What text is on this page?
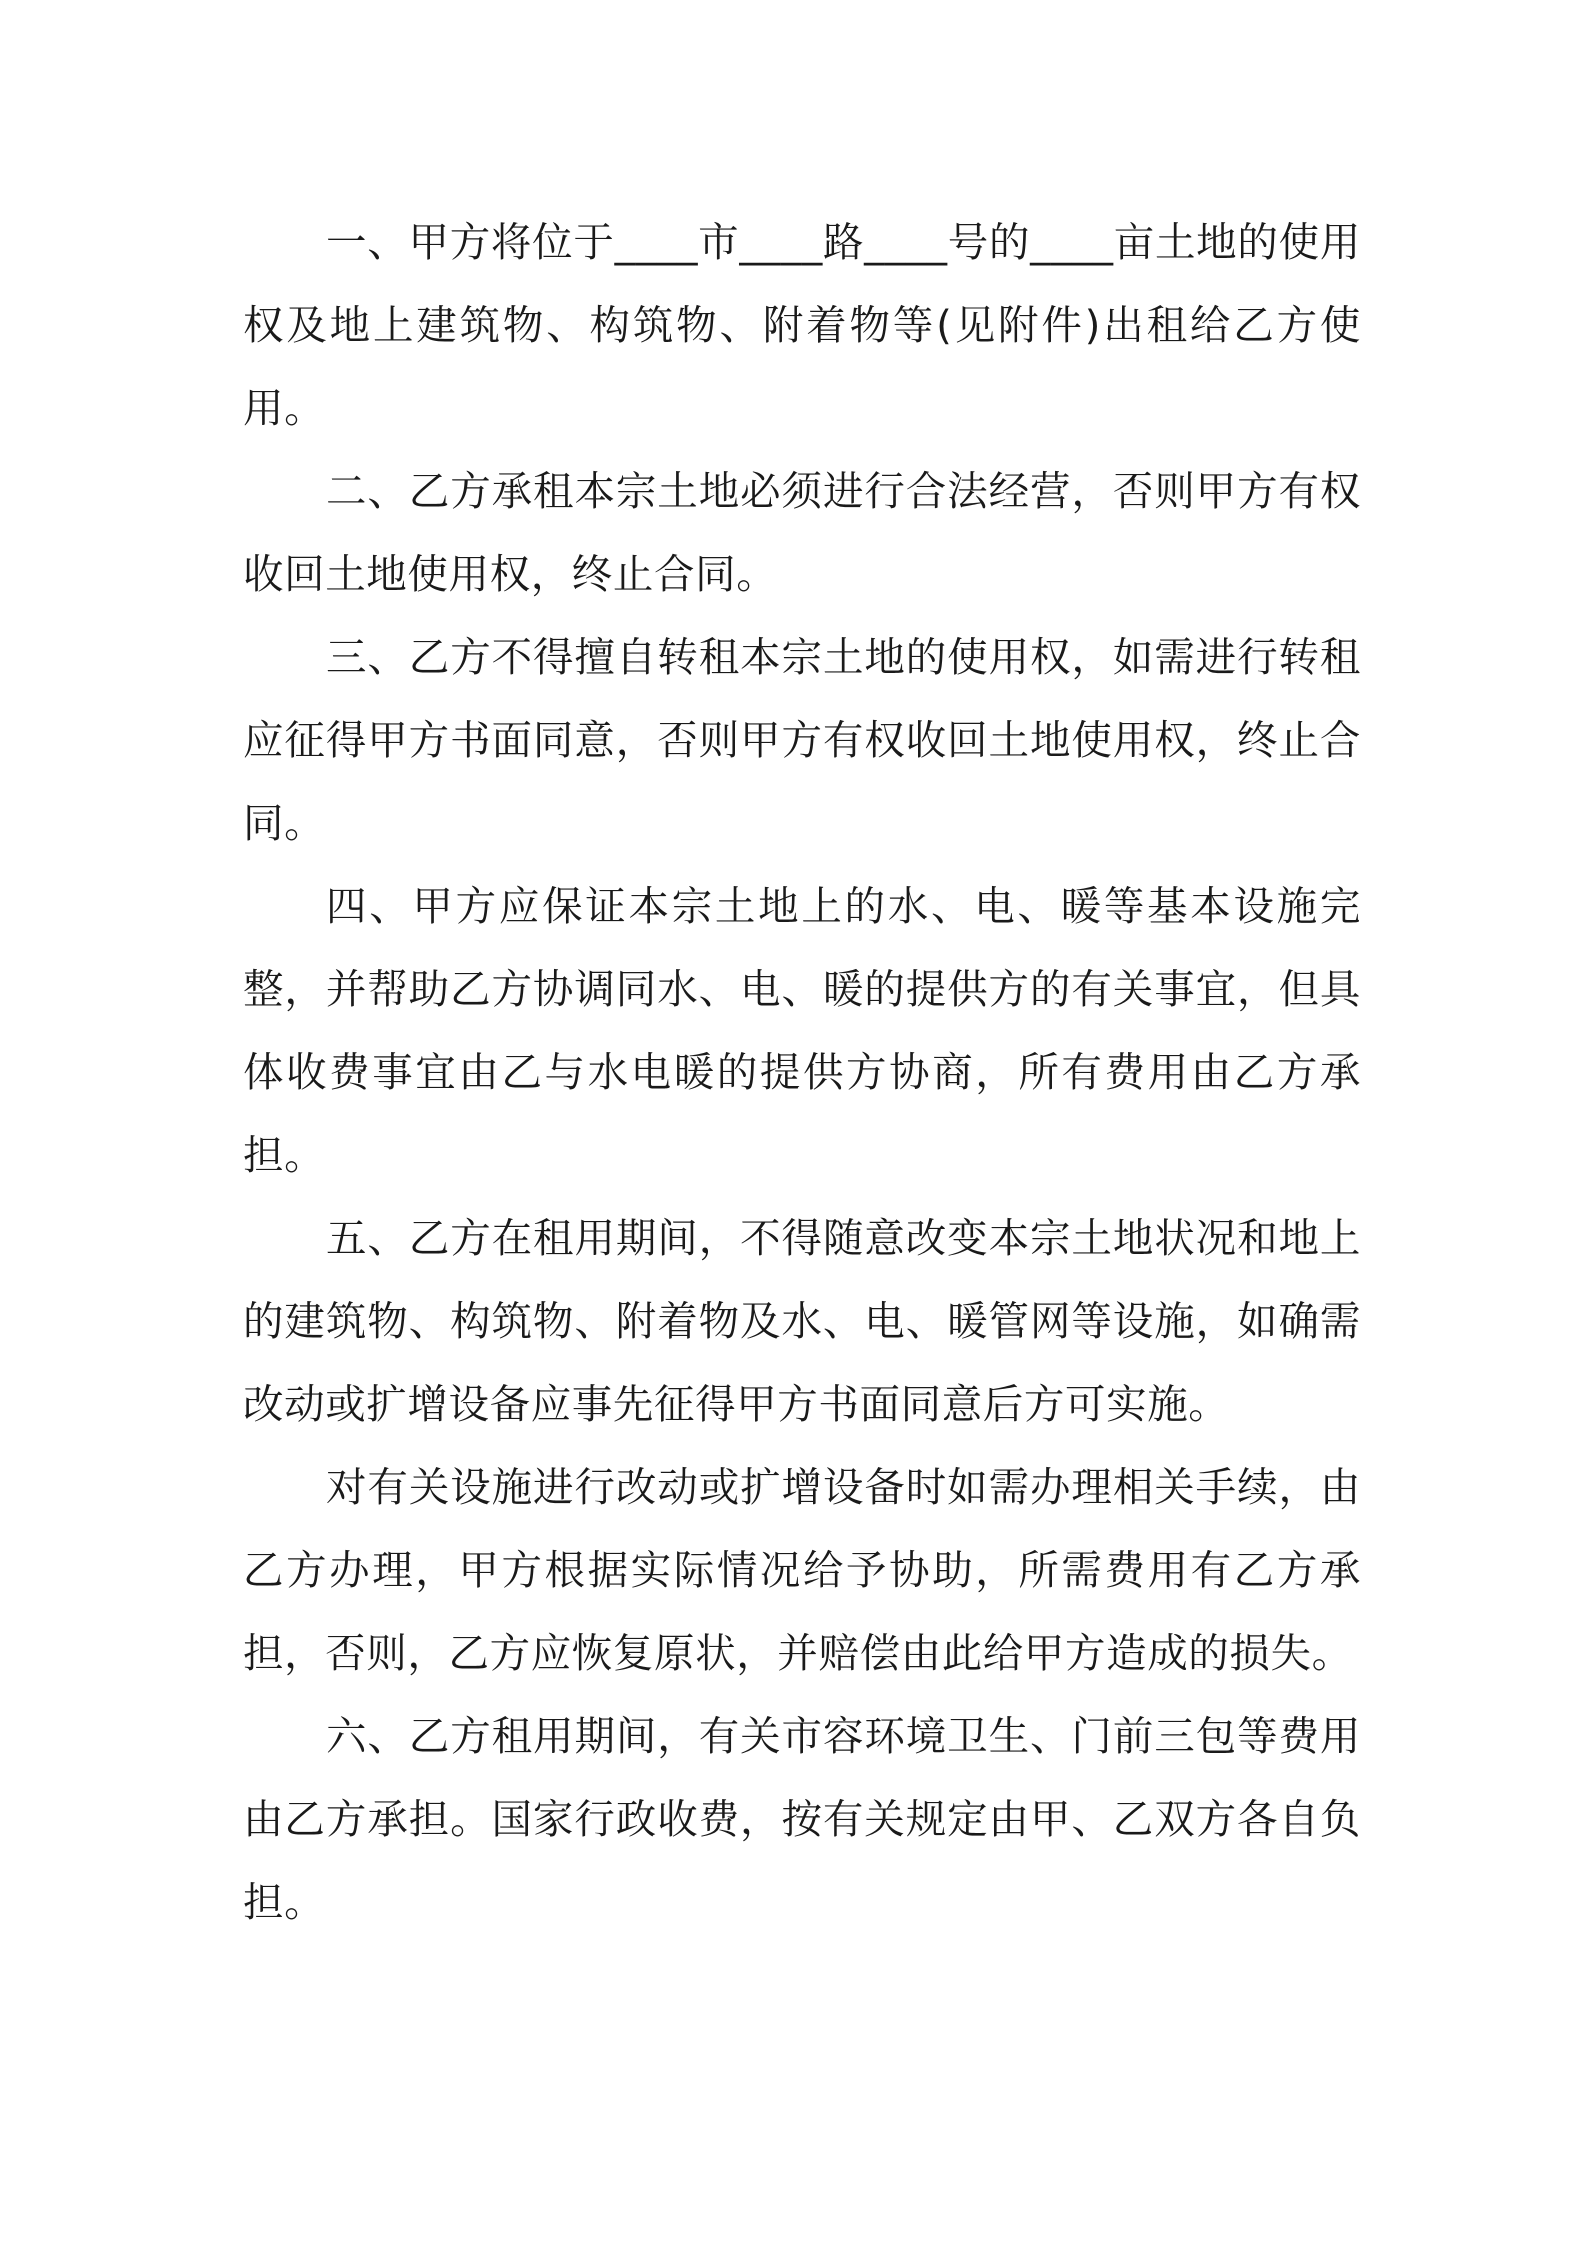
一、甲方将位于____市____路____号的____亩土地的使用权及地上建筑物、构筑物、附着物等(见附件)出租给乙方使用。

二、乙方承租本宗土地必须进行合法经营，否则甲方有权收回土地使用权，终止合同。

三、乙方不得擅自转租本宗土地的使用权，如需进行转租应征得甲方书面同意，否则甲方有权收回土地使用权，终止合同。

四、甲方应保证本宗土地上的水、电、暖等基本设施完整，并帮助乙方协调同水、电、暖的提供方的有关事宜，但具体收费事宜由乙与水电暖的提供方协商，所有费用由乙方承担。

五、乙方在租用期间，不得随意改变本宗土地状况和地上的建筑物、构筑物、附着物及水、电、暖管网等设施，如确需改动或扩增设备应事先征得甲方书面同意后方可实施。

对有关设施进行改动或扩增设备时如需办理相关手续，由乙方办理，甲方根据实际情况给予协助，所需费用有乙方承担，否则，乙方应恢复原状，并赔偿由此给甲方造成的损失。

六、乙方租用期间，有关市容环境卫生、门前三包等费用由乙方承担。国家行政收费，按有关规定由甲、乙双方各自负担。
